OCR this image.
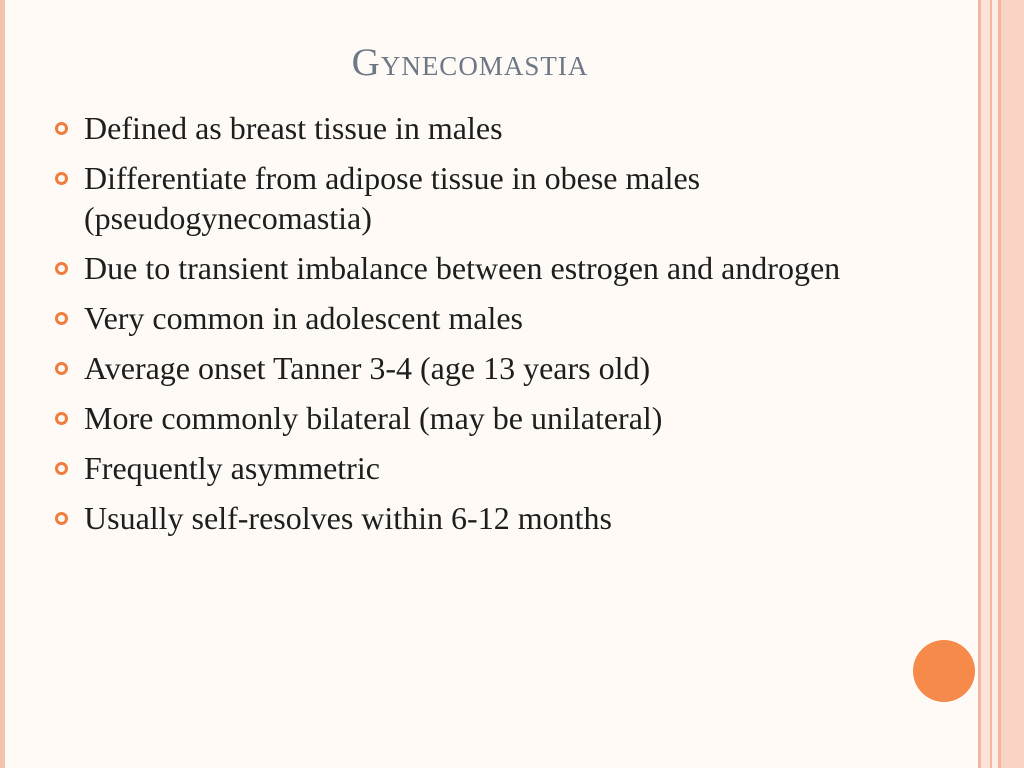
Gynecomastia
Defined as breast tissue in males
Differentiate from adipose tissue in obese males (pseudogynecomastia)
Due to transient imbalance between estrogen and androgen
Very common in adolescent males
Average onset Tanner 3-4 (age 13 years old)
More commonly bilateral (may be unilateral)
Frequently asymmetric
Usually self-resolves within 6-12 months
